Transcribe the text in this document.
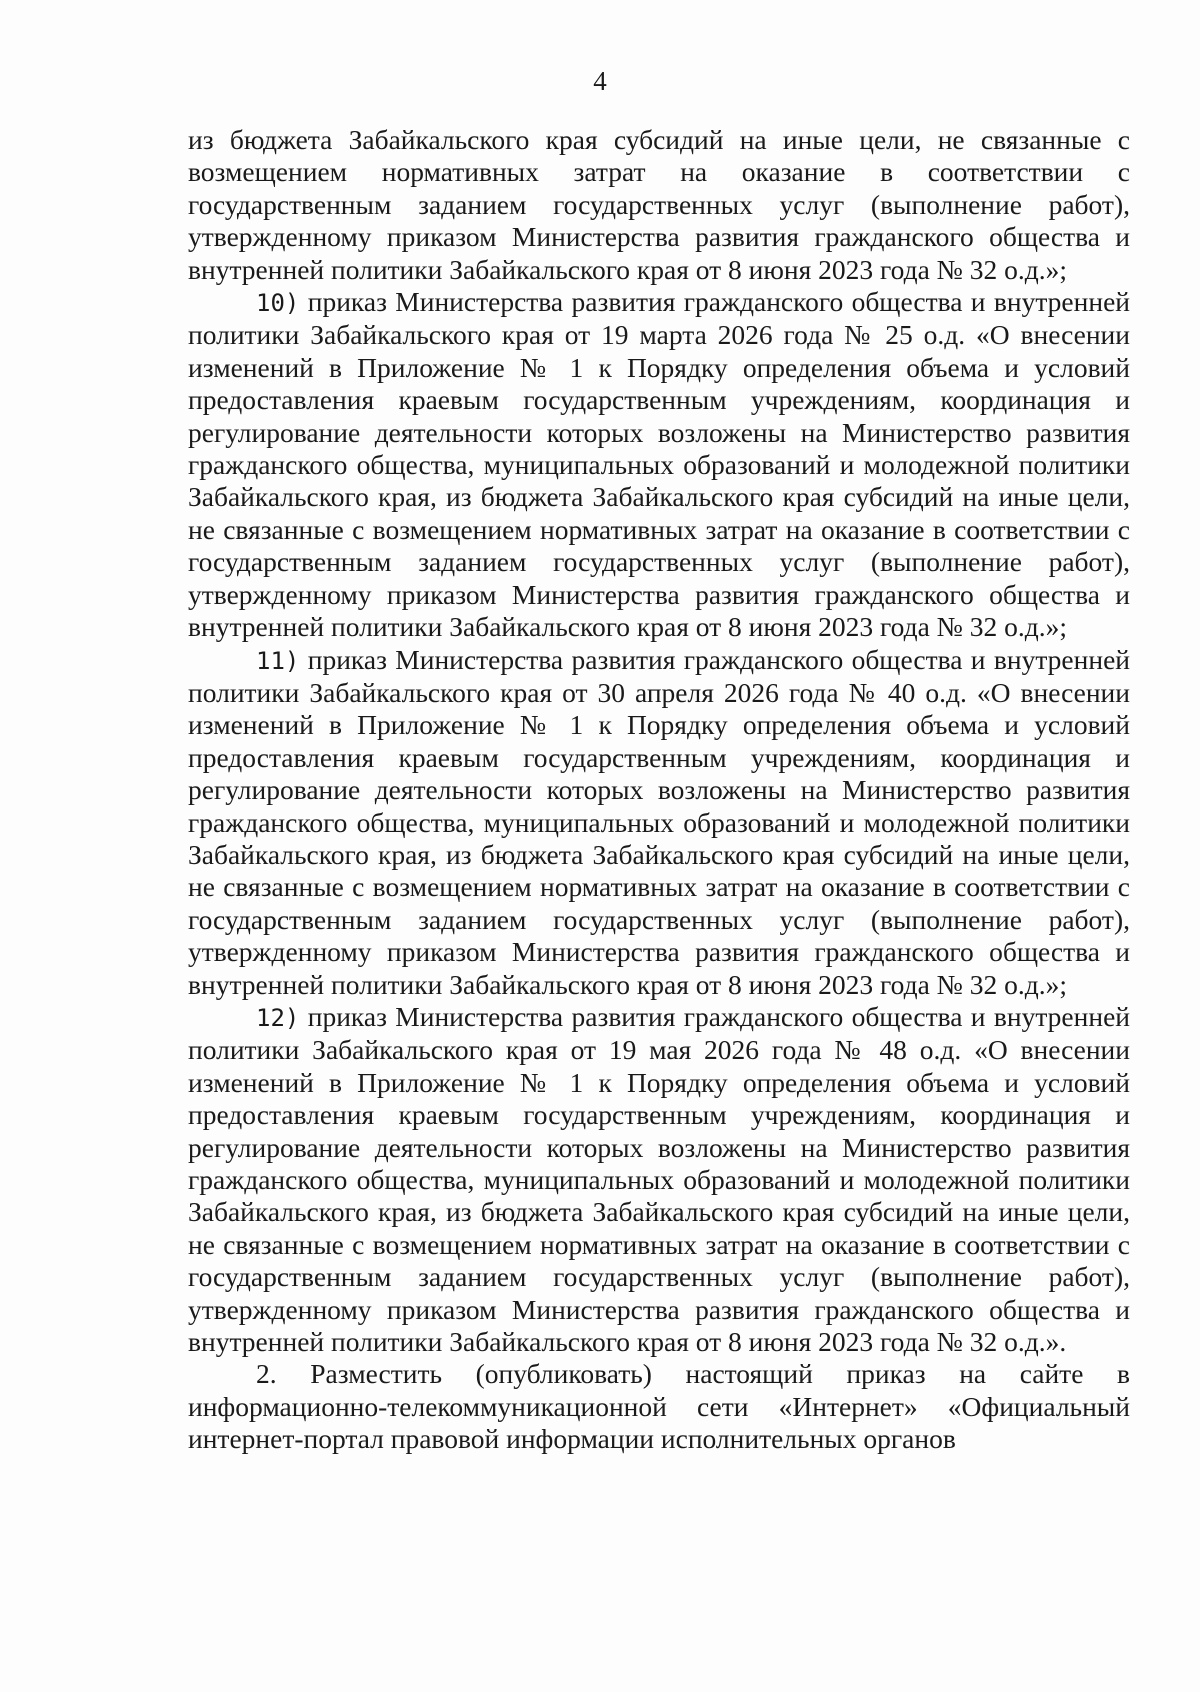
4

из бюджета Забайкальского края субсидий на иные цели, не связанные с возмещением нормативных затрат на оказание в соответствии с государственным заданием государственных услуг (выполнение работ), утвержденному приказом Министерства развития гражданского общества и внутренней политики Забайкальского края от 8 июня 2023 года № 32 о.д.»;

10) приказ Министерства развития гражданского общества и внутренней политики Забайкальского края от 19 марта 2026 года № 25 о.д. «О внесении изменений в Приложение № 1 к Порядку определения объема и условий предоставления краевым государственным учреждениям, координация и регулирование деятельности которых возложены на Министерство развития гражданского общества, муниципальных образований и молодежной политики Забайкальского края, из бюджета Забайкальского края субсидий на иные цели, не связанные с возмещением нормативных затрат на оказание в соответствии с государственным заданием государственных услуг (выполнение работ), утвержденному приказом Министерства развития гражданского общества и внутренней политики Забайкальского края от 8 июня 2023 года № 32 о.д.»;

11) приказ Министерства развития гражданского общества и внутренней политики Забайкальского края от 30 апреля 2026 года № 40 о.д. «О внесении изменений в Приложение № 1 к Порядку определения объема и условий предоставления краевым государственным учреждениям, координация и регулирование деятельности которых возложены на Министерство развития гражданского общества, муниципальных образований и молодежной политики Забайкальского края, из бюджета Забайкальского края субсидий на иные цели, не связанные с возмещением нормативных затрат на оказание в соответствии с государственным заданием государственных услуг (выполнение работ), утвержденному приказом Министерства развития гражданского общества и внутренней политики Забайкальского края от 8 июня 2023 года № 32 о.д.»;

12) приказ Министерства развития гражданского общества и внутренней политики Забайкальского края от 19 мая 2026 года № 48 о.д. «О внесении изменений в Приложение № 1 к Порядку определения объема и условий предоставления краевым государственным учреждениям, координация и регулирование деятельности которых возложены на Министерство развития гражданского общества, муниципальных образований и молодежной политики Забайкальского края, из бюджета Забайкальского края субсидий на иные цели, не связанные с возмещением нормативных затрат на оказание в соответствии с государственным заданием государственных услуг (выполнение работ), утвержденному приказом Министерства развития гражданского общества и внутренней политики Забайкальского края от 8 июня 2023 года № 32 о.д.».

2. Разместить (опубликовать) настоящий приказ на сайте в информационно-телекоммуникационной сети «Интернет» «Официальный интернет-портал правовой информации исполнительных органов
